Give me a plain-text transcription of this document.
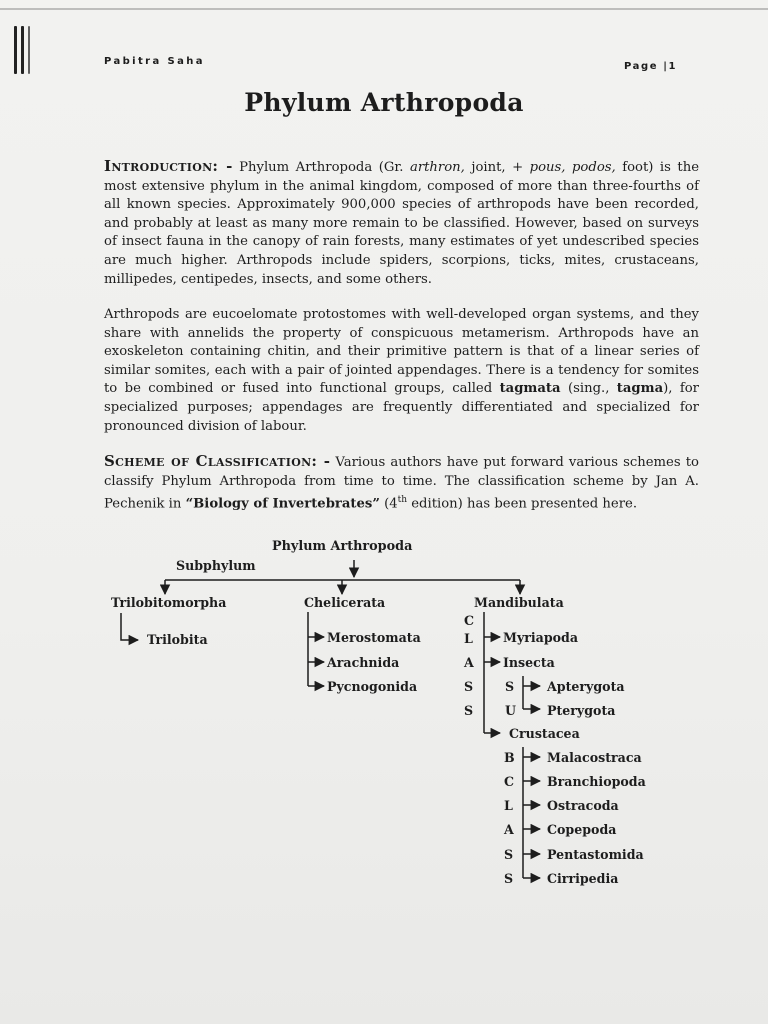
Pabitra Saha	Page |1
Phylum Arthropoda
Introduction: - Phylum Arthropoda (Gr. arthron, joint, + pous, podos, foot) is the most extensive phylum in the animal kingdom, composed of more than three-fourths of all known species. Approximately 900,000 species of arthropods have been recorded, and probably at least as many more remain to be classified. However, based on surveys of insect fauna in the canopy of rain forests, many estimates of yet undescribed species are much higher. Arthropods include spiders, scorpions, ticks, mites, crustaceans, millipedes, centipedes, insects, and some others.
Arthropods are eucoelomate protostomes with well-developed organ systems, and they share with annelids the property of conspicuous metamerism. Arthropods have an exoskeleton containing chitin, and their primitive pattern is that of a linear series of similar somites, each with a pair of jointed appendages. There is a tendency for somites to be combined or fused into functional groups, called tagmata (sing., tagma), for specialized purposes; appendages are frequently differentiated and specialized for pronounced division of labour.
Scheme of Classification: - Various authors have put forward various schemes to classify Phylum Arthropoda from time to time. The classification scheme by Jan A. Pechenik in “Biology of Invertebrates” (4th edition) has been presented here.
Phylum Arthropoda
Subphylum
Trilobitomorpha	Chelicerata	Mandibulata
Trilobita	Merostomata
Arachnida
Pycnogonida
C
L
A
S
S
Myriapoda
Insecta
S
U
Apterygota
Pterygota
Crustacea
B
C
L
A
S
S
Malacostraca
Branchiopoda
Ostracoda
Copepoda
Pentastomida
Cirripedia
